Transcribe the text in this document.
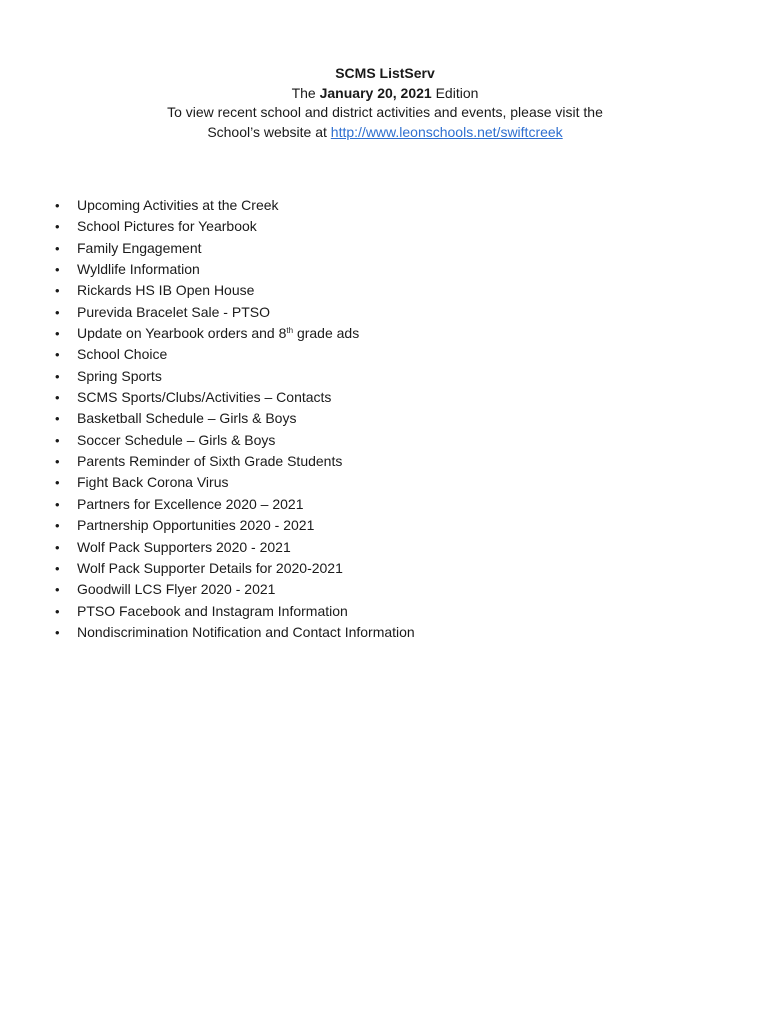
SCMS ListServ
The January 20, 2021 Edition
To view recent school and district activities and events, please visit the
School’s website at http://www.leonschools.net/swiftcreek
• Upcoming Activities at the Creek
• School Pictures for Yearbook
• Family Engagement
• Wyldlife Information
• Rickards HS IB Open House
• Purevida Bracelet Sale - PTSO
• Update on Yearbook orders and 8th grade ads
• School Choice
• Spring Sports
• SCMS Sports/Clubs/Activities – Contacts
• Basketball Schedule – Girls & Boys
• Soccer Schedule – Girls & Boys
• Parents Reminder of Sixth Grade Students
• Fight Back Corona Virus
• Partners for Excellence 2020 – 2021
• Partnership Opportunities 2020 - 2021
• Wolf Pack Supporters 2020 - 2021
• Wolf Pack Supporter Details for 2020-2021
• Goodwill LCS Flyer 2020 - 2021
• PTSO Facebook and Instagram Information
• Nondiscrimination Notification and Contact Information
